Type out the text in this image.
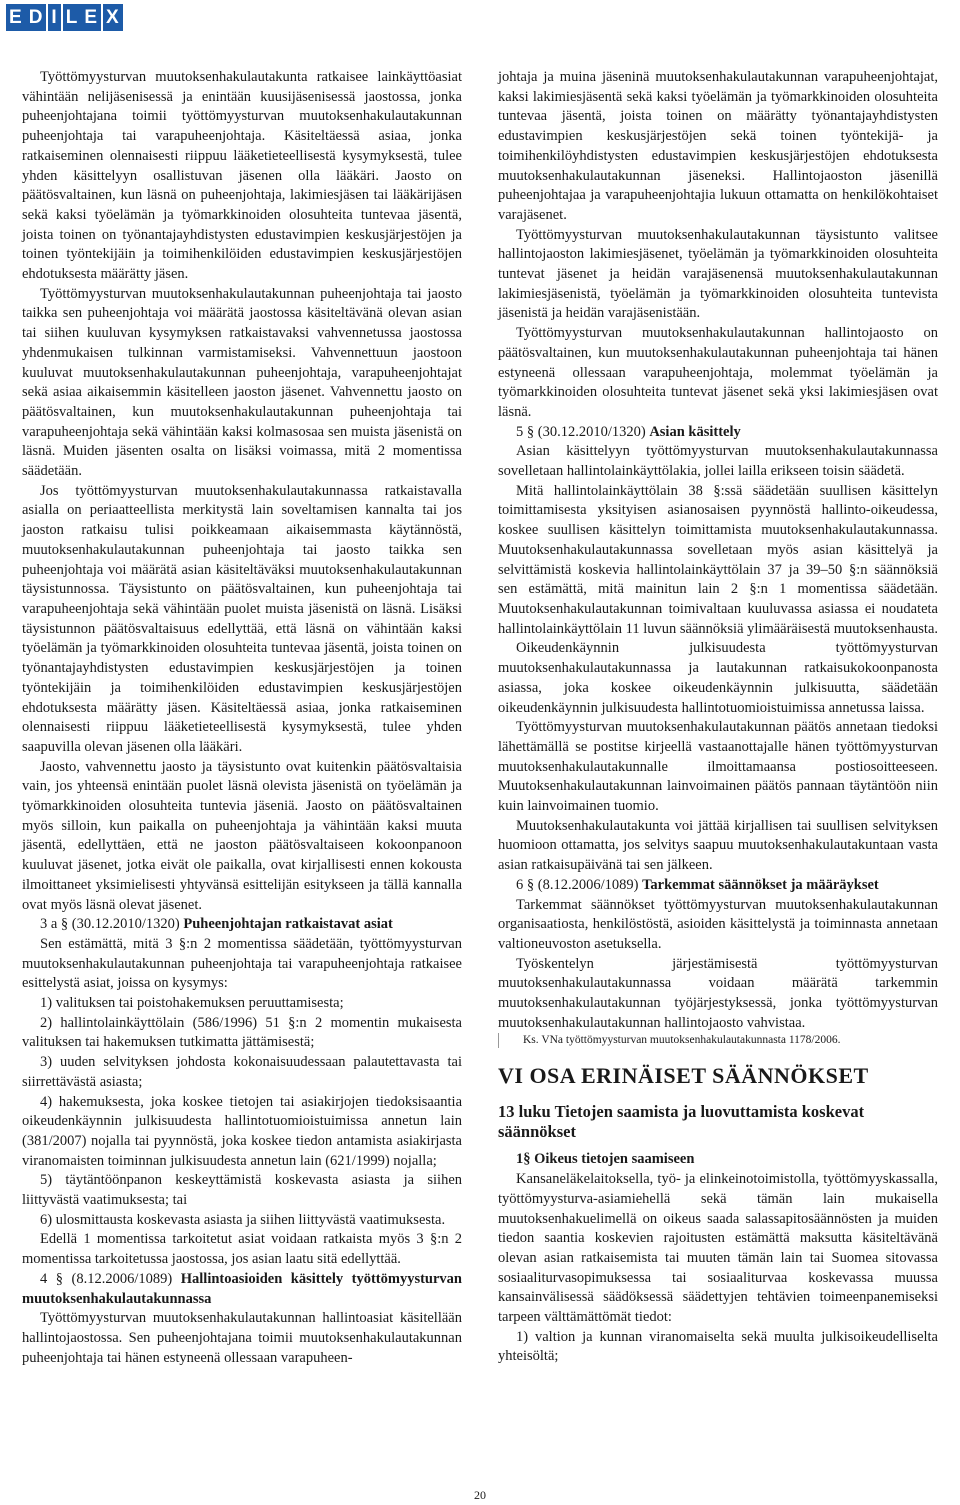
E D I L E X

Työttömyysturvan muutoksenhakulautakunta ratkaisee lainkäyttöasiat vähintään nelijäsenisessä ja enintään kuusijäsenisessä jaostossa, jonka puheenjohtajana toimii työttömyysturvan muutoksenhakulautakunnan puheenjohtaja tai varapuheenjohtaja. Käsiteltäessä asiaa, jonka ratkaiseminen olennaisesti riippuu lääketieteellisestä kysymyksestä, tulee yhden käsittelyyn osallistuvan jäsenen olla lääkäri. Jaosto on päätösvaltainen, kun läsnä on puheenjohtaja, lakimiesjäsen tai lääkärijäsen sekä kaksi työelämän ja työmarkkinoiden olosuhteita tuntevaa jäsentä, joista toinen on työnantajayhdistysten edustavimpien keskusjärjestöjen ja toinen työntekijäin ja toimihenkilöiden edustavimpien keskusjärjestöjen ehdotuksesta määrätty jäsen.

Työttömyysturvan muutoksenhakulautakunnan puheenjohtaja tai jaosto taikka sen puheenjohtaja voi määrätä jaostossa käsiteltävänä olevan asian tai siihen kuuluvan kysymyksen ratkaistavaksi vahvennetussa jaostossa yhdenmukaisen tulkinnan varmistamiseksi. Vahvennettuun jaostoon kuuluvat muutoksenhakulautakunnan puheenjohtaja, varapuheenjohtajat sekä asiaa aikaisemmin käsitelleen jaoston jäsenet. Vahvennettu jaosto on päätösvaltainen, kun muutoksenhakulautakunnan puheenjohtaja tai varapuheenjohtaja sekä vähintään kaksi kolmasosaa sen muista jäsenistä on läsnä. Muiden jäsenten osalta on lisäksi voimassa, mitä 2 momentissa säädetään.

Jos työttömyysturvan muutoksenhakulautakunnassa ratkaistavalla asialla on periaatteellista merkitystä lain soveltamisen kannalta tai jos jaoston ratkaisu tulisi poikkeamaan aikaisemmasta käytännöstä, muutoksenhakulautakunnan puheenjohtaja tai jaosto taikka sen puheenjohtaja voi määrätä asian käsiteltäväksi muutoksenhakulautakunnan täysistunnossa. Täysistunto on päätösvaltainen, kun puheenjohtaja tai varapuheenjohtaja sekä vähintään puolet muista jäsenistä on läsnä. Lisäksi täysistunnon päätösvaltaisuus edellyttää, että läsnä on vähintään kaksi työelämän ja työmarkkinoiden olosuhteita tuntevaa jäsentä, joista toinen on työnantajayhdistysten edustavimpien keskusjärjestöjen ja toinen työntekijäin ja toimihenkilöiden edustavimpien keskusjärjestöjen ehdotuksesta määrätty jäsen. Käsiteltäessä asiaa, jonka ratkaiseminen olennaisesti riippuu lääketieteellisestä kysymyksestä, tulee yhden saapuvilla olevan jäsenen olla lääkäri.

Jaosto, vahvennettu jaosto ja täysistunto ovat kuitenkin päätösvaltaisia vain, jos yhteensä enintään puolet läsnä olevista jäsenistä on työelämän ja työmarkkinoiden olosuhteita tuntevia jäseniä. Jaosto on päätösvaltainen myös silloin, kun paikalla on puheenjohtaja ja vähintään kaksi muuta jäsentä, edellyttäen, että ne jaoston päätösvaltaiseen kokoonpanoon kuuluvat jäsenet, jotka eivät ole paikalla, ovat kirjallisesti ennen kokousta ilmoittaneet yksimielisesti yhtyvänsä esittelijän esitykseen ja tällä kannalla ovat myös läsnä olevat jäsenet.

3 a § (30.12.2010/1320) Puheenjohtajan ratkaistavat asiat

Sen estämättä, mitä 3 §:n 2 momentissa säädetään, työttömyysturvan muutoksenhakulautakunnan puheenjohtaja tai varapuheenjohtaja ratkaisee esittelystä asiat, joissa on kysymys:

1) valituksen tai poistohakemuksen peruuttamisesta;

2) hallintolainkäyttölain (586/1996) 51 §:n 2 momentin mukaisesta valituksen tai hakemuksen tutkimatta jättämisestä;

3) uuden selvityksen johdosta kokonaisuudessaan palautettavasta tai siirrettävästä asiasta;

4) hakemuksesta, joka koskee tietojen tai asiakirjojen tiedoksisaantia oikeudenkäynnin julkisuudesta hallintotuomioistuimissa annetun lain (381/2007) nojalla tai pyynnöstä, joka koskee tiedon antamista asiakirjasta viranomaisten toiminnan julkisuudesta annetun lain (621/1999) nojalla;

5) täytäntöönpanon keskeyttämistä koskevasta asiasta ja siihen liittyvästä vaatimuksesta; tai

6) ulosmittausta koskevasta asiasta ja siihen liittyvästä vaatimuksesta.

Edellä 1 momentissa tarkoitetut asiat voidaan ratkaista myös 3 §:n 2 momentissa tarkoitetussa jaostossa, jos asian laatu sitä edellyttää.

4 § (8.12.2006/1089) Hallintoasioiden käsittely työttömyysturvan muutoksenhakulautakunnassa

Työttömyysturvan muutoksenhakulautakunnan hallintoasiat käsitellään hallintojaostossa. Sen puheenjohtajana toimii muutoksenhakulautakunnan puheenjohtaja tai hänen estyneenä ollessaan varapuheen-

johtaja ja muina jäseninä muutoksenhakulautakunnan varapuheenjohtajat, kaksi lakimiesjäsentä sekä kaksi työelämän ja työmarkkinoiden olosuhteita tuntevaa jäsentä, joista toinen on määrätty työnantajayhdistysten edustavimpien keskusjärjestöjen sekä toinen työntekijä- ja toimihenkilöyhdistysten edustavimpien keskusjärjestöjen ehdotuksesta muutoksenhakulautakunnan jäseneksi. Hallintojaoston jäsenillä puheenjohtajaa ja varapuheenjohtajia lukuun ottamatta on henkilökohtaiset varajäsenet.

Työttömyysturvan muutoksenhakulautakunnan täysistunto valitsee hallintojaoston lakimiesjäsenet, työelämän ja työmarkkinoiden olosuhteita tuntevat jäsenet ja heidän varajäsenensä muutoksenhakulautakunnan lakimiesjäsenistä, työelämän ja työmarkkinoiden olosuhteita tuntevista jäsenistä ja heidän varajäsenistään.

Työttömyysturvan muutoksenhakulautakunnan hallintojaosto on päätösvaltainen, kun muutoksenhakulautakunnan puheenjohtaja tai hänen estyneenä ollessaan varapuheenjohtaja, molemmat työelämän ja työmarkkinoiden olosuhteita tuntevat jäsenet sekä yksi lakimiesjäsen ovat läsnä.

5 § (30.12.2010/1320) Asian käsittely

Asian käsittelyyn työttömyysturvan muutoksenhakulautakunnassa sovelletaan hallintolainkäyttölakia, jollei lailla erikseen toisin säädetä.

Mitä hallintolainkäyttölain 38 §:ssä säädetään suullisen käsittelyn toimittamisesta yksityisen asianosaisen pyynnöstä hallinto-oikeudessa, koskee suullisen käsittelyn toimittamista muutoksenhakulautakunnassa. Muutoksenhakulautakunnassa sovelletaan myös asian käsittelyä ja selvittämistä koskevia hallintolainkäyttölain 37 ja 39–50 §:n säännöksiä sen estämättä, mitä mainitun lain 2 §:n 1 momentissa säädetään. Muutoksenhakulautakunnan toimivaltaan kuuluvassa asiassa ei noudateta hallintolainkäyttölain 11 luvun säännöksiä ylimääräisestä muutoksenhausta.

Oikeudenkäynnin julkisuudesta työttömyysturvan muutoksenhakulautakunnassa ja lautakunnan ratkaisukokoonpanosta asiassa, joka koskee oikeudenkäynnin julkisuutta, säädetään oikeudenkäynnin julkisuudesta hallintotuomioistuimissa annetussa laissa.

Työttömyysturvan muutoksenhakulautakunnan päätös annetaan tiedoksi lähettämällä se postitse kirjeellä vastaanottajalle hänen työttömyysturvan muutoksenhakulautakunnalle ilmoittamaansa postiosoitteeseen. Muutoksenhakulautakunnan lainvoimainen päätös pannaan täytäntöön niin kuin lainvoimainen tuomio.

Muutoksenhakulautakunta voi jättää kirjallisen tai suullisen selvityksen huomioon ottamatta, jos selvitys saapuu muutoksenhakulautakuntaan vasta asian ratkaisupäivänä tai sen jälkeen.

6 § (8.12.2006/1089) Tarkemmat säännökset ja määräykset

Tarkemmat säännökset työttömyysturvan muutoksenhakulautakunnan organisaatiosta, henkilöstöstä, asioiden käsittelystä ja toiminnasta annetaan valtioneuvoston asetuksella.

Työskentelyn järjestämisestä työttömyysturvan muutoksenhakulautakunnassa voidaan määrätä tarkemmin muutoksenhakulautakunnan työjärjestyksessä, jonka työttömyysturvan muutoksenhakulautakunnan hallintojaosto vahvistaa.

Ks. VNa työttömyysturvan muutoksenhakulautakunnasta 1178/2006.

VI OSA ERINÄISET SÄÄNNÖKSET
13 luku Tietojen saamista ja luovuttamista koskevat säännökset

1§ Oikeus tietojen saamiseen

Kansaneläkelaitoksella, työ- ja elinkeinotoimistolla, työttömyyskassalla, työttömyysturva-asiamiehellä sekä tämän lain mukaisella muutoksenhakuelimellä on oikeus saada salassapitosäännösten ja muiden tiedon saantia koskevien rajoitusten estämättä maksutta käsiteltävänä olevan asian ratkaisemista tai muuten tämän lain tai Suomea sitovassa sosiaaliturvasopimuksessa tai sosiaaliturvaa koskevassa muussa kansainvälisessä säädöksessä säädettyjen tehtävien toimeenpanemiseksi tarpeen välttämättömät tiedot:

1) valtion ja kunnan viranomaiselta sekä muulta julkisoikeudelliselta yhteisöltä;

20
